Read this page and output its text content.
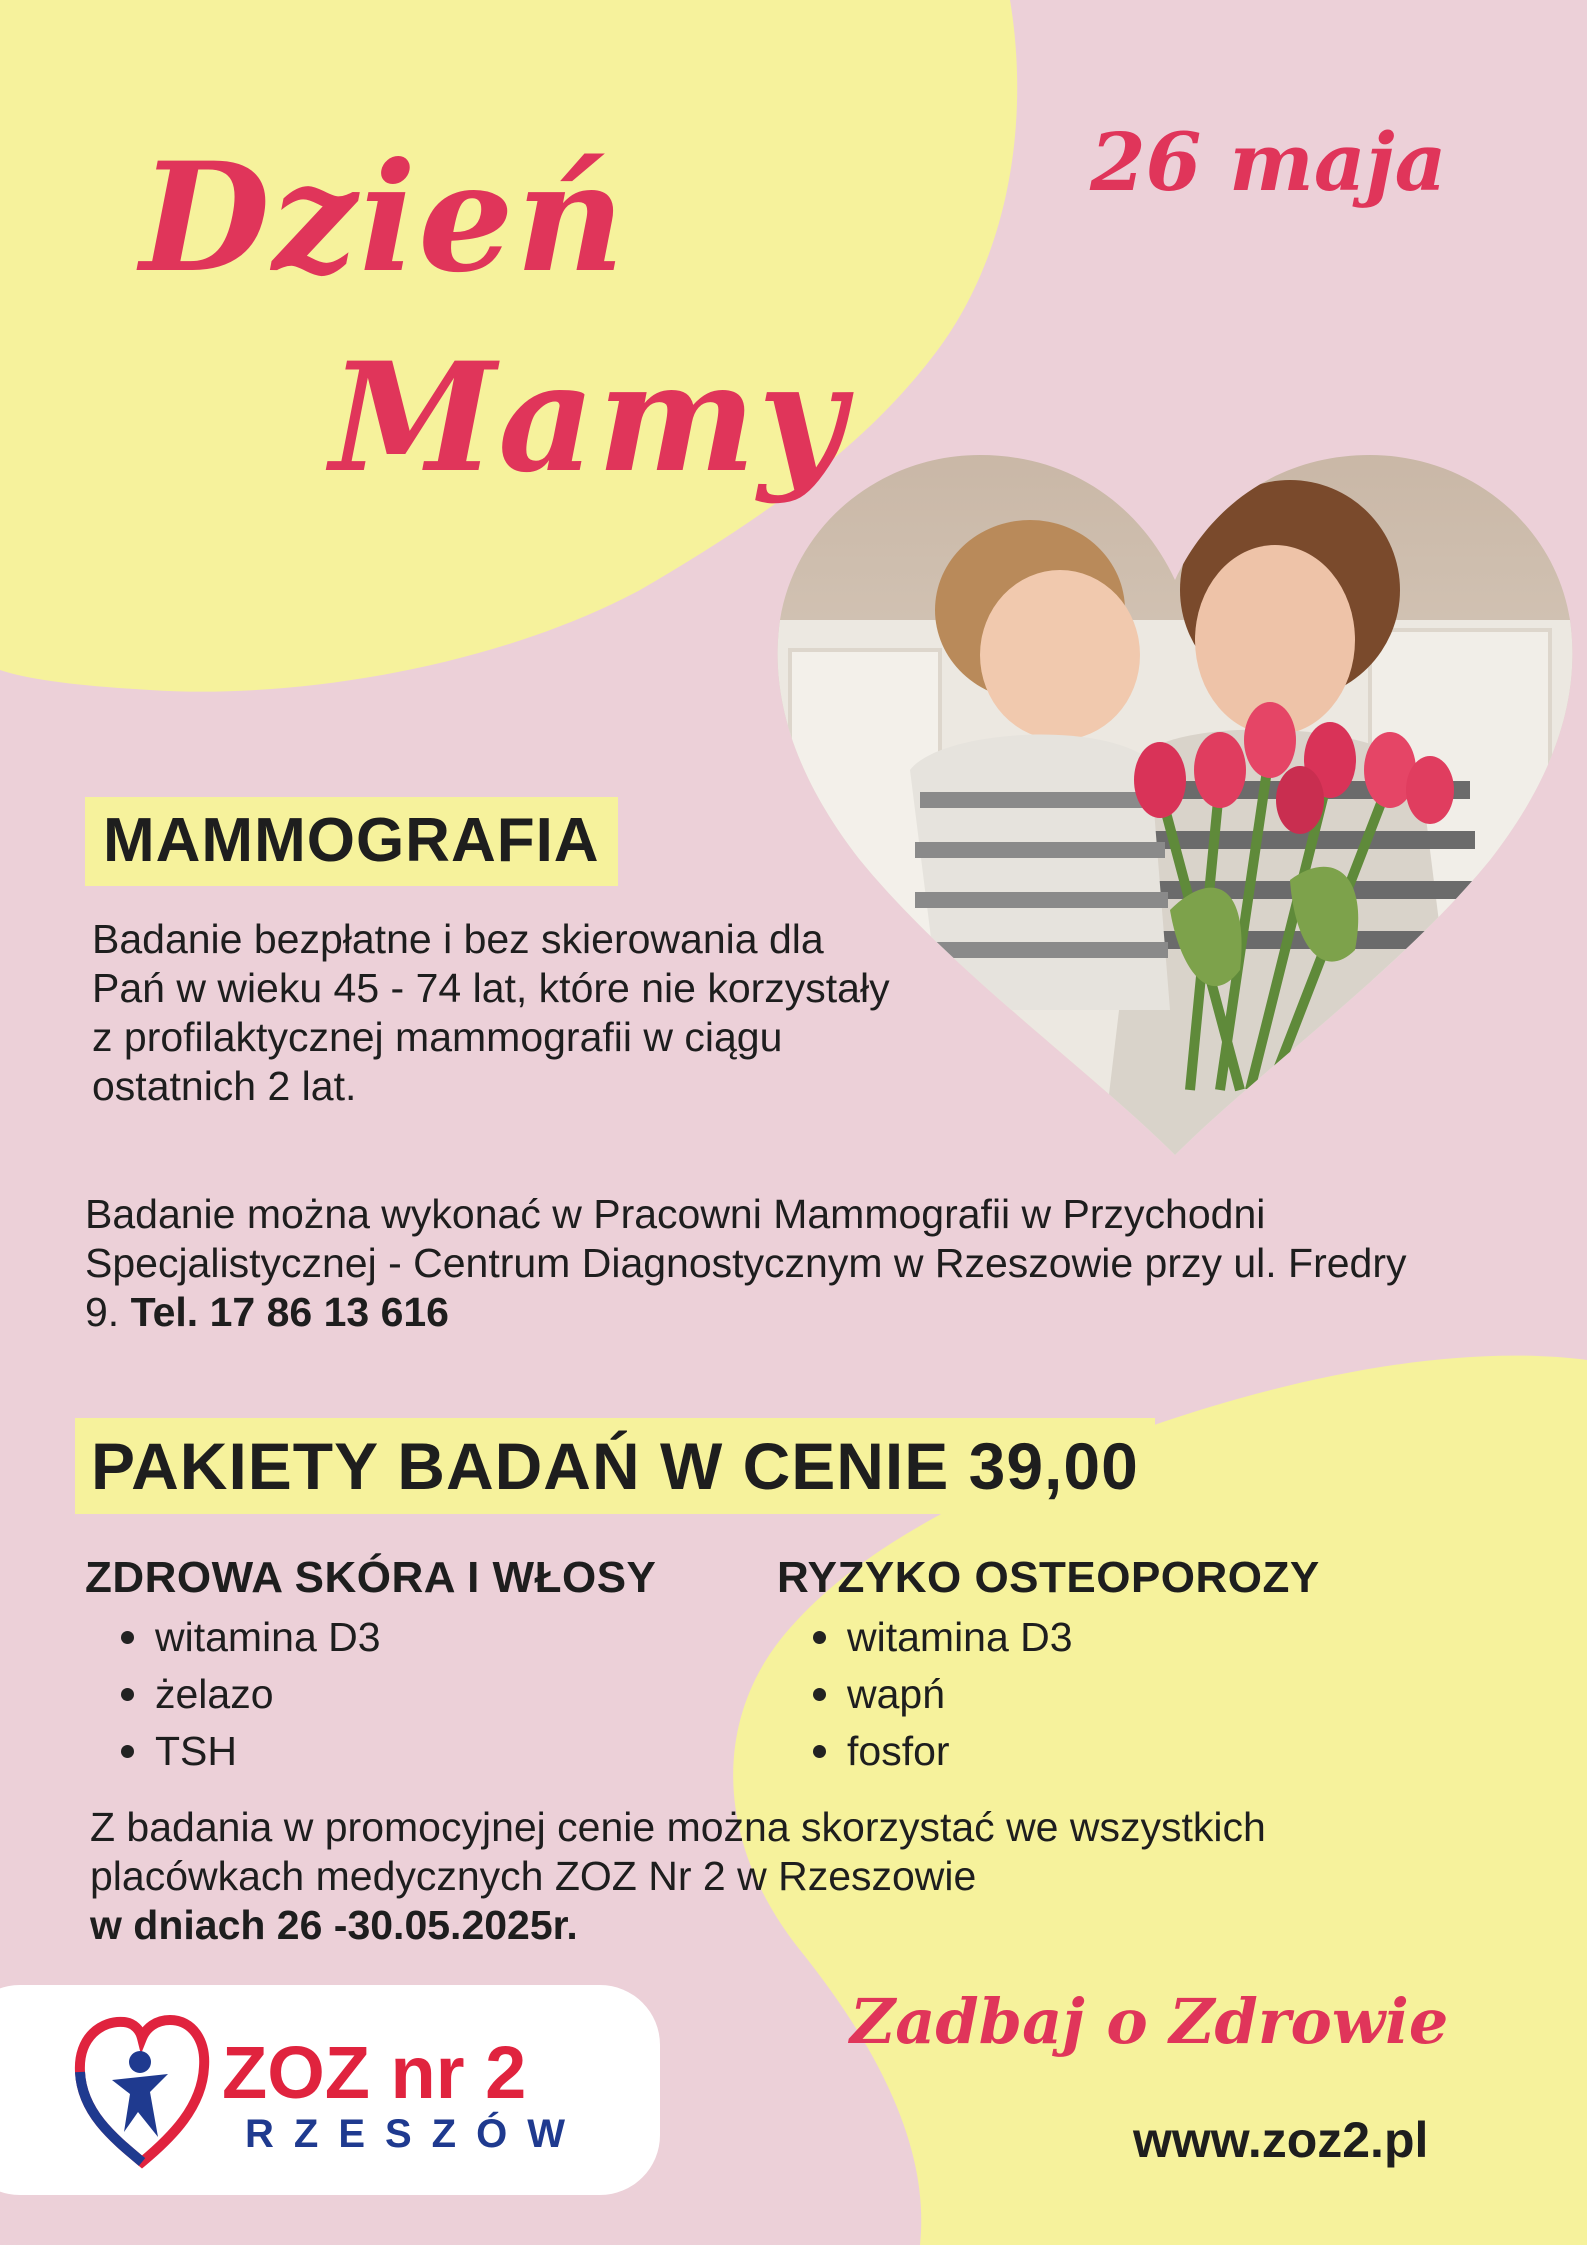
Dzień
Mamy

26 maja

MAMMOGRAFIA

Badanie bezpłatne i bez skierowania dla Pań w wieku 45 - 74 lat, które nie korzystały z profilaktycznej mammografii w ciągu ostatnich 2 lat.

Badanie można wykonać w Pracowni Mammografii w Przychodni Specjalistycznej - Centrum Diagnostycznym w Rzeszowie przy ul. Fredry 9. Tel. 17 86 13 616

PAKIETY BADAŃ W CENIE 39,00
ZDROWA SKÓRA I WŁOSY
witamina D3
żelazo
TSH
RYZYKO OSTEOPOROZY
witamina D3
wapń
fosfor

Z badania w promocyjnej cenie można skorzystać we wszystkich placówkach medycznych ZOZ Nr 2 w Rzeszowie
w dniach 26 -30.05.2025r.

ZOZ nr 2

RZESZÓW

Zadbaj o Zdrowie

www.zoz2.pl
